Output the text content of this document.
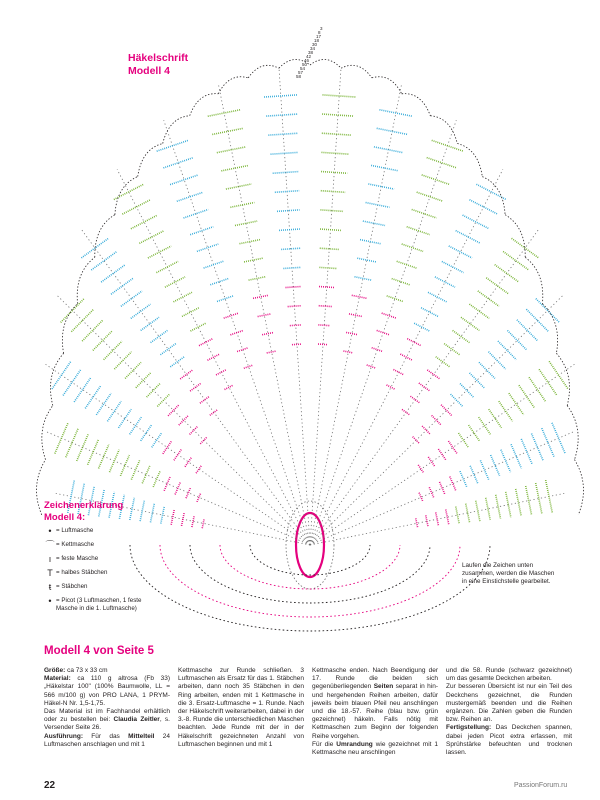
3
8
17
18
30
34
38
42
46
50
54
57
58
Häkelschrift
Modell 4
Zeichenerklärung
Modell 4:
• = Luftmasche
⌒ = Kettmasche
ı = feste Masche
T = halbes Stäbchen
ŧ = Stäbchen
• = Picot (3 Luftmaschen, 1 feste Masche in die 1. Luftmasche)
Laufen die Zeichen unten zusammen, werden die Maschen in eine Einstichstelle gearbeitet.
Modell 4 von Seite 5

Größe: ca 73 x 33 cm

Material: ca 110 g altrosa (Fb 33) „Häkelstar 100" (100% Baumwolle, LL = 566 m/100 g) von PRO LANA, 1 PRYM-Häkel-N Nr. 1,5-1,75.

Das Material ist im Fachhandel erhältlich oder zu bestellen bei: Claudia Zeitler, s. Versender Seite 26.

Ausführung: Für das Mittelteil 24 Luftmaschen anschlagen und mit 1

Kettmasche zur Runde schließen. 3 Luftmaschen als Ersatz für das 1. Stäbchen arbeiten, dann noch 35 Stäbchen in den Ring arbeiten, enden mit 1 Kettmasche in die 3. Ersatz-Luftmasche = 1. Runde. Nach der Häkelschrift weiterarbeiten, dabei in der 3.-8. Runde die unterschiedlichen Maschen beachten. Jede Runde mit der in der Häkelschrift gezeichneten Anzahl von Luftmaschen beginnen und mit 1

Kettmasche enden. Nach Beendigung der 17. Runde die beiden sich gegenüberliegenden Seiten separat in hin- und hergehenden Reihen arbeiten, dafür jeweils beim blauen Pfeil neu anschlingen und die 18.-57. Reihe (blau bzw. grün gezeichnet) häkeln. Falls nötig mit Kettmaschen zum Beginn der folgenden Reihe vorgehen.

Für die Umrandung wie gezeichnet mit 1 Kettmasche neu anschlingen

und die 58. Runde (schwarz gezeichnet) um das gesamte Deckchen arbeiten.

Zur besseren Übersicht ist nur ein Teil des Deckchens gezeichnet, die Runden mustergemäß beenden und die Reihen ergänzen. Die Zahlen geben die Runden bzw. Reihen an.

Fertigstellung: Das Deckchen spannen, dabei jeden Picot extra erfassen, mit Sprühstärke befeuchten und trocknen lassen.

22	PassionForum.ru
